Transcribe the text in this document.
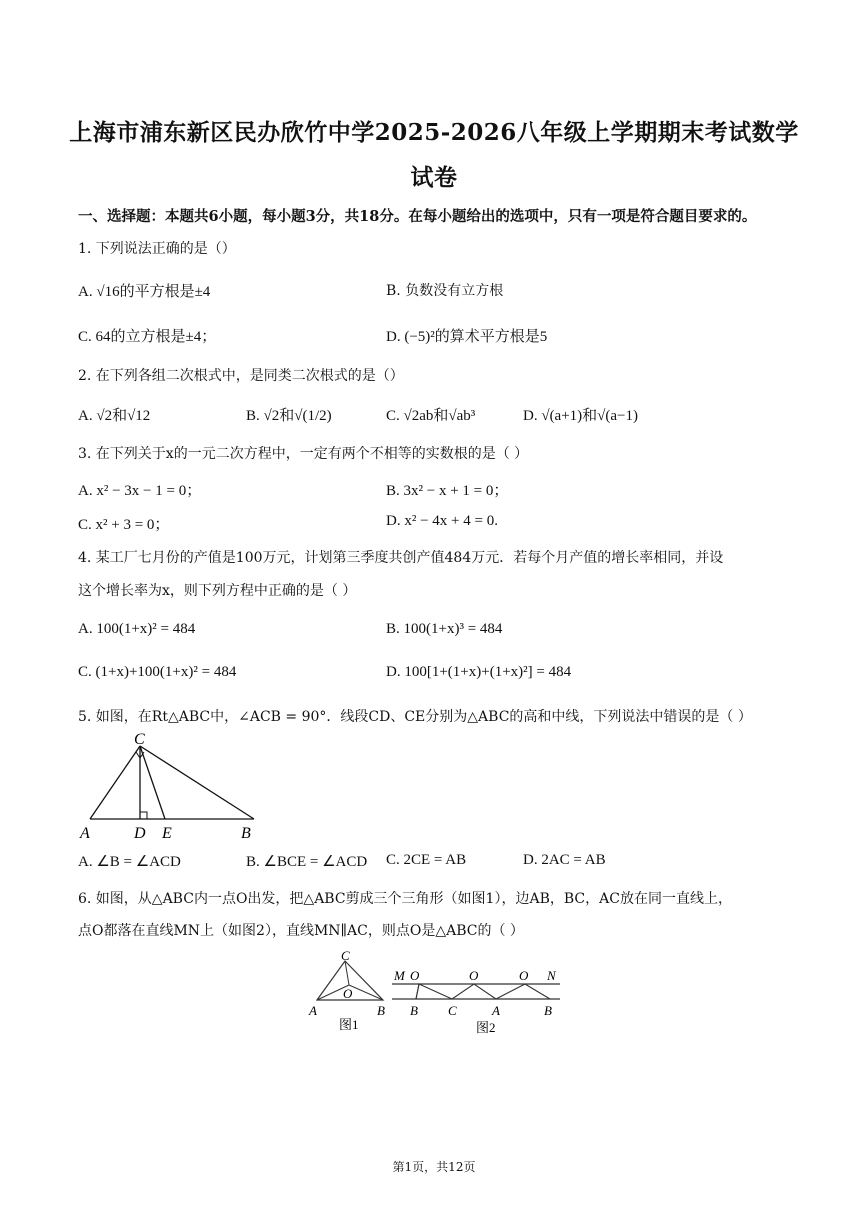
上海市浦东新区民办欣竹中学2025-2026八年级上学期期末考试数学
试卷
一、选择题：本题共6小题，每小题3分，共18分。在每小题给出的选项中，只有一项是符合题目要求的。
1. 下列说法正确的是（）
A. √16的平方根是±4	B. 负数没有立方根
C. 64的立方根是±4；	D. (−5)²的算术平方根是5
2. 在下列各组二次根式中，是同类二次根式的是（）
A. √2和√12	B. √2和√(1/2)	C. √2ab和√ab³	D. √(a+1)和√(a−1)
3. 在下列关于x的一元二次方程中，一定有两个不相等的实数根的是（ ）
A. x² − 3x − 1 = 0；	B. 3x² − x + 1 = 0；
C. x² + 3 = 0；	D. x² − 4x + 4 = 0.
4. 某工厂七月份的产值是100万元，计划第三季度共创产值484万元．若每个月产值的增长率相同，并设
这个增长率为x，则下列方程中正确的是（ ）
A. 100(1+x)² = 484	B. 100(1+x)³ = 484
C. (1+x)+100(1+x)² = 484	D. 100[1+(1+x)+(1+x)²] = 484
5. 如图，在Rt△ABC中，∠ACB = 90°．线段CD、CE分别为△ABC的高和中线，下列说法中错误的是（ ）
C
A	D E	B
A. ∠B = ∠ACD	B. ∠BCE = ∠ACD C. 2CE = AB	D. 2AC = AB
6. 如图，从△ABC内一点O出发，把△ABC剪成三个三角形（如图1），边AB，BC，AC放在同一直线上，
点O都落在直线MN上（如图2），直线MN∥AC，则点O是△ABC的（ ）
C
O
A	B
图1
M O	O	O N
B C	A	B
图2
第1页，共12页
